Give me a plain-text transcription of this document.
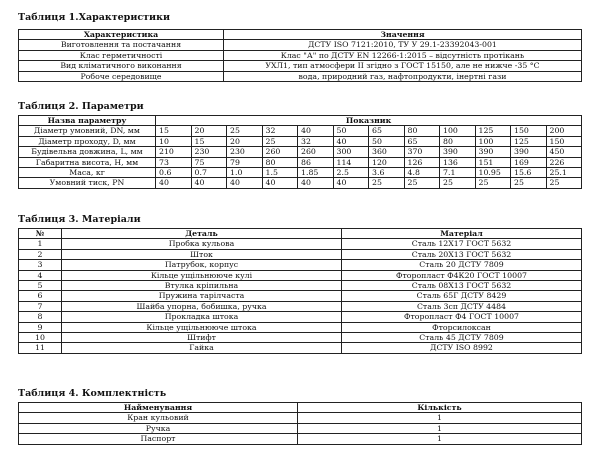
Таблиця 1.Характеристики
Характеристика	Значення
Виготовлення та постачання	ДСТУ ISO 7121:2010, ТУ У 29.1-23392043-001
Клас герметичності	Клас "А" по ДСТУ EN 12266-1:2015 – відсутність протікань
Вид кліматичного виконання	УХЛ1, тип атмосфери II згідно з ГОСТ 15150, але не нижче -35 °С
Робоче середовище	вода, природний газ, нафтопродукти, інертні гази
Таблиця 2. Параметри
Назва параметру	Показник											
Діаметр умовний, DN, мм	15	20	25	32	40	50	65	80	100	125	150	200
Діаметр проходу, D, мм	10	15	20	25	32	40	50	65	80	100	125	150
Будівельна довжина, L, мм	210	230	230	260	260	300	360	370	390	390	390	450
Габаритна висота, H, мм	73	75	79	80	86	114	120	126	136	151	169	226
Маса, кг	0.6	0.7	1.0	1.5	1.85	2.5	3.6	4.8	7.1	10.95	15.6	25.1
Умовний тиск, PN	40	40	40	40	40	40	25	25	25	25	25	25
Таблиця 3. Матеріали
№	Деталь	Матеріал
1	Пробка кульова	Сталь 12Х17 ГОСТ 5632
2	Шток	Сталь 20Х13 ГОСТ 5632
3	Патрубок, корпус	Сталь 20 ДСТУ 7809
4	Кільце ущільнююче кулі	Фторопласт Ф4К20 ГОСТ 10007
5	Втулка кріпильна	Сталь 08Х13 ГОСТ 5632
6	Пружина тарілчаста	Сталь 65Г ДСТУ 8429
7	Шайба упорна, бобишка, ручка	Сталь 3сп ДСТУ 4484
8	Прокладка штока	Фторопласт Ф4 ГОСТ 10007
9	Кільце ущільнююче штока	Фторсилоксан
10	Штифт	Сталь 45 ДСТУ 7809
11	Гайка	ДСТУ ISO 8992
Таблиця 4. Комплектність
Найменування	Кількість
Кран кульовий	1
Ручка	1
Паспорт	1
